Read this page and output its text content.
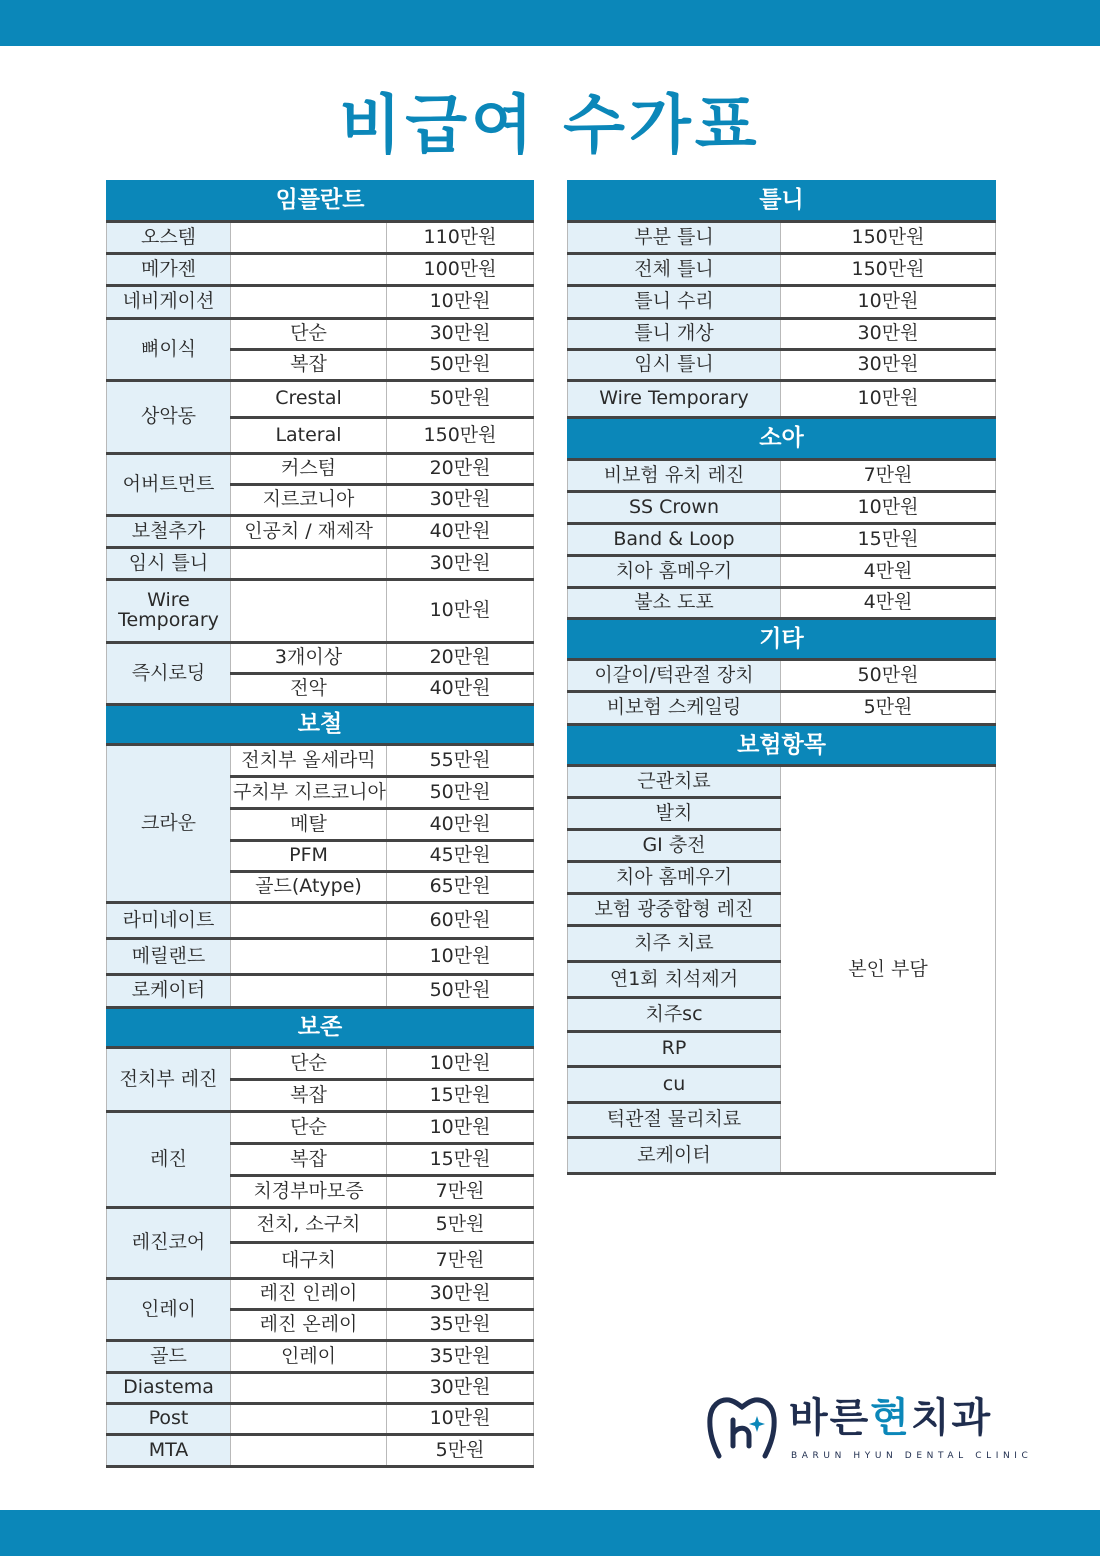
비급여 수가표
임플란트		
오스템		110만원
메가젠		100만원
네비게이션		10만원
뼈이식	단순	30만원
	복잡	50만원
상악동	Crestal	50만원
	Lateral	150만원
어버트먼트	커스텀	20만원
	지르코니아	30만원
보철추가	인공치 / 재제작	40만원
임시 틀니		30만원
Wire Temporary		10만원
즉시로딩	3개이상	20만원
	전악	40만원
보철		
크라운	전치부 올세라믹	55만원
	구치부 지르코니아	50만원
	메탈	40만원
	PFM	45만원
	골드(Atype)	65만원
라미네이트		60만원
메릴랜드		10만원
로케이터		50만원
보존		
전치부 레진	단순	10만원
	복잡	15만원
레진	단순	10만원
	복잡	15만원
	치경부마모증	7만원
레진코어	전치, 소구치	5만원
	대구치	7만원
인레이	레진 인레이	30만원
	레진 온레이	35만원
골드	인레이	35만원
Diastema		30만원
Post		10만원
MTA		5만원
틀니	
부분 틀니	150만원
전체 틀니	150만원
틀니 수리	10만원
틀니 개상	30만원
임시 틀니	30만원
Wire Temporary	10만원
소아	
비보험 유치 레진	7만원
SS Crown	10만원
Band & Loop	15만원
치아 홈메우기	4만원
불소 도포	4만원
기타	
이갈이/턱관절 장치	50만원
비보험 스케일링	5만원
보험항목	
근관치료	본인 부담
발치	
GI 충전	
치아 홈메우기	
보험 광중합형 레진	
치주 치료	
연1회 치석제거	
치주sc	
RP	
cu	
턱관절 물리치료	
로케이터	
바른현치과
BARUN HYUN DENTAL CLINIC
